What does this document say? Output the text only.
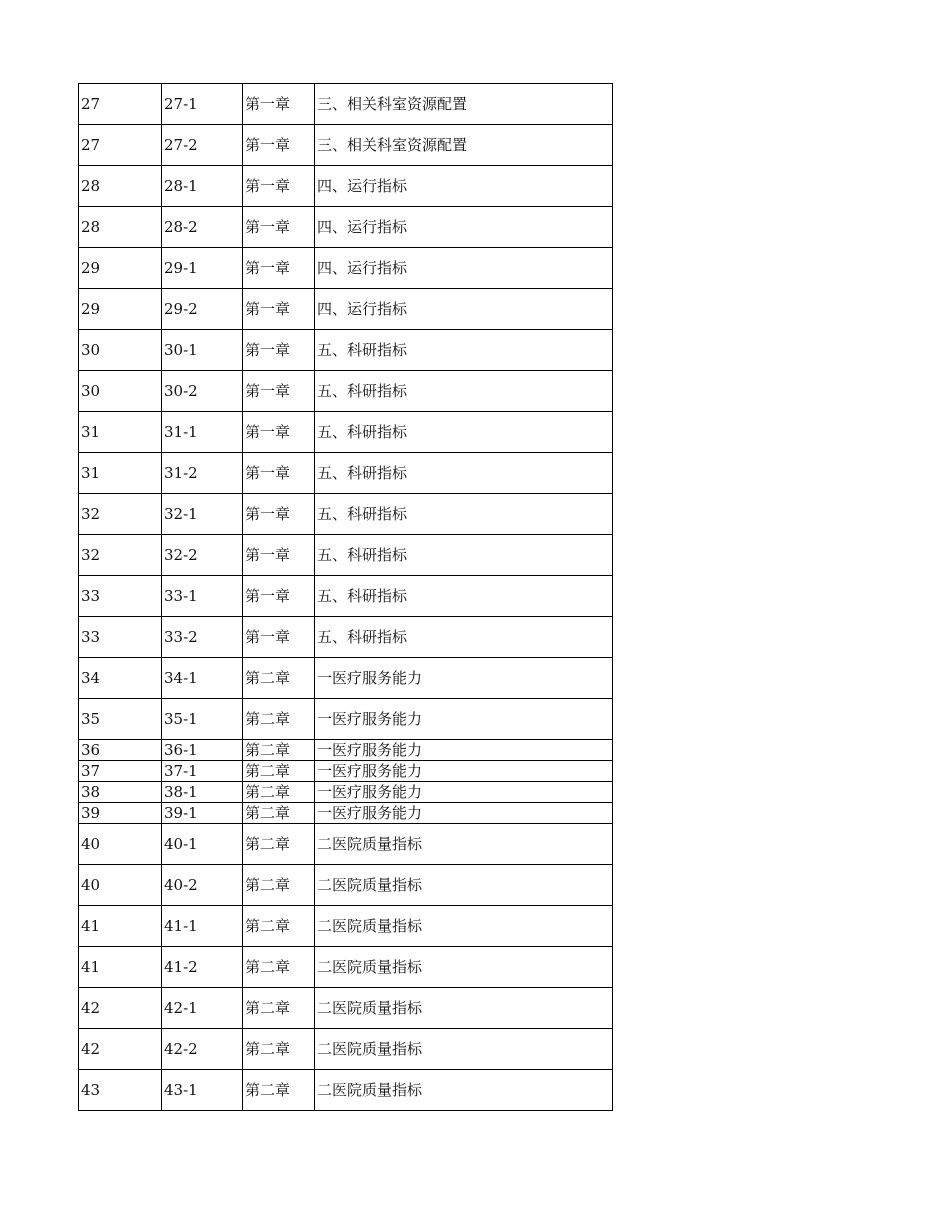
27	27-1	第一章	三、相关科室资源配置
27	27-2	第一章	三、相关科室资源配置
28	28-1	第一章	四、运行指标
28	28-2	第一章	四、运行指标
29	29-1	第一章	四、运行指标
29	29-2	第一章	四、运行指标
30	30-1	第一章	五、科研指标
30	30-2	第一章	五、科研指标
31	31-1	第一章	五、科研指标
31	31-2	第一章	五、科研指标
32	32-1	第一章	五、科研指标
32	32-2	第一章	五、科研指标
33	33-1	第一章	五、科研指标
33	33-2	第一章	五、科研指标
34	34-1	第二章	一医疗服务能力
35	35-1	第二章	一医疗服务能力
36	36-1	第二章	一医疗服务能力
37	37-1	第二章	一医疗服务能力
38	38-1	第二章	一医疗服务能力
39	39-1	第二章	一医疗服务能力
40	40-1	第二章	二医院质量指标
40	40-2	第二章	二医院质量指标
41	41-1	第二章	二医院质量指标
41	41-2	第二章	二医院质量指标
42	42-1	第二章	二医院质量指标
42	42-2	第二章	二医院质量指标
43	43-1	第二章	二医院质量指标
